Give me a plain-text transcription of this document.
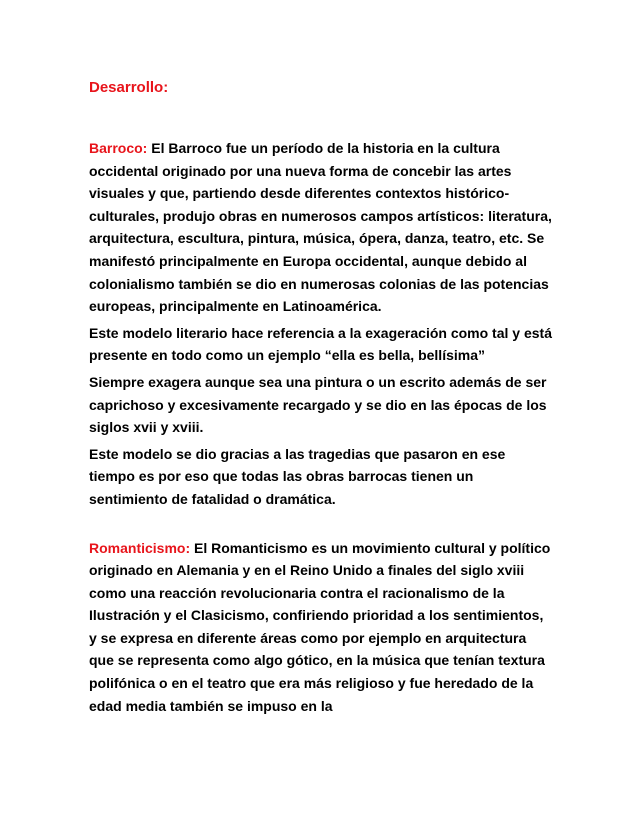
Desarrollo:

Barroco: El Barroco fue un período de la historia en la cultura occidental originado por una nueva forma de concebir las artes visuales y que, partiendo desde diferentes contextos histórico-culturales, produjo obras en numerosos campos artísticos: literatura, arquitectura, escultura, pintura, música, ópera, danza, teatro, etc. Se manifestó principalmente en Europa occidental, aunque debido al colonialismo también se dio en numerosas colonias de las potencias europeas, principalmente en Latinoamérica.

Este modelo literario hace referencia a la exageración como tal y está presente en todo como un ejemplo “ella es bella, bellísima”

Siempre exagera aunque sea una pintura o un escrito además de ser caprichoso y excesivamente recargado y se dio en las épocas de los siglos xvii y xviii.

Este modelo se dio gracias a las tragedias que pasaron en ese tiempo es por eso que todas las obras barrocas tienen un sentimiento de fatalidad o dramática.

Romanticismo: El Romanticismo es un movimiento cultural y político originado en Alemania y en el Reino Unido a finales del siglo xviii como una reacción revolucionaria contra el racionalismo de la Ilustración y el Clasicismo, confiriendo prioridad a los sentimientos, y se expresa en diferente áreas como por ejemplo en arquitectura que se representa como algo gótico, en la música que tenían textura polifónica o en el teatro que era más religioso y fue heredado de la edad media también se impuso en la
